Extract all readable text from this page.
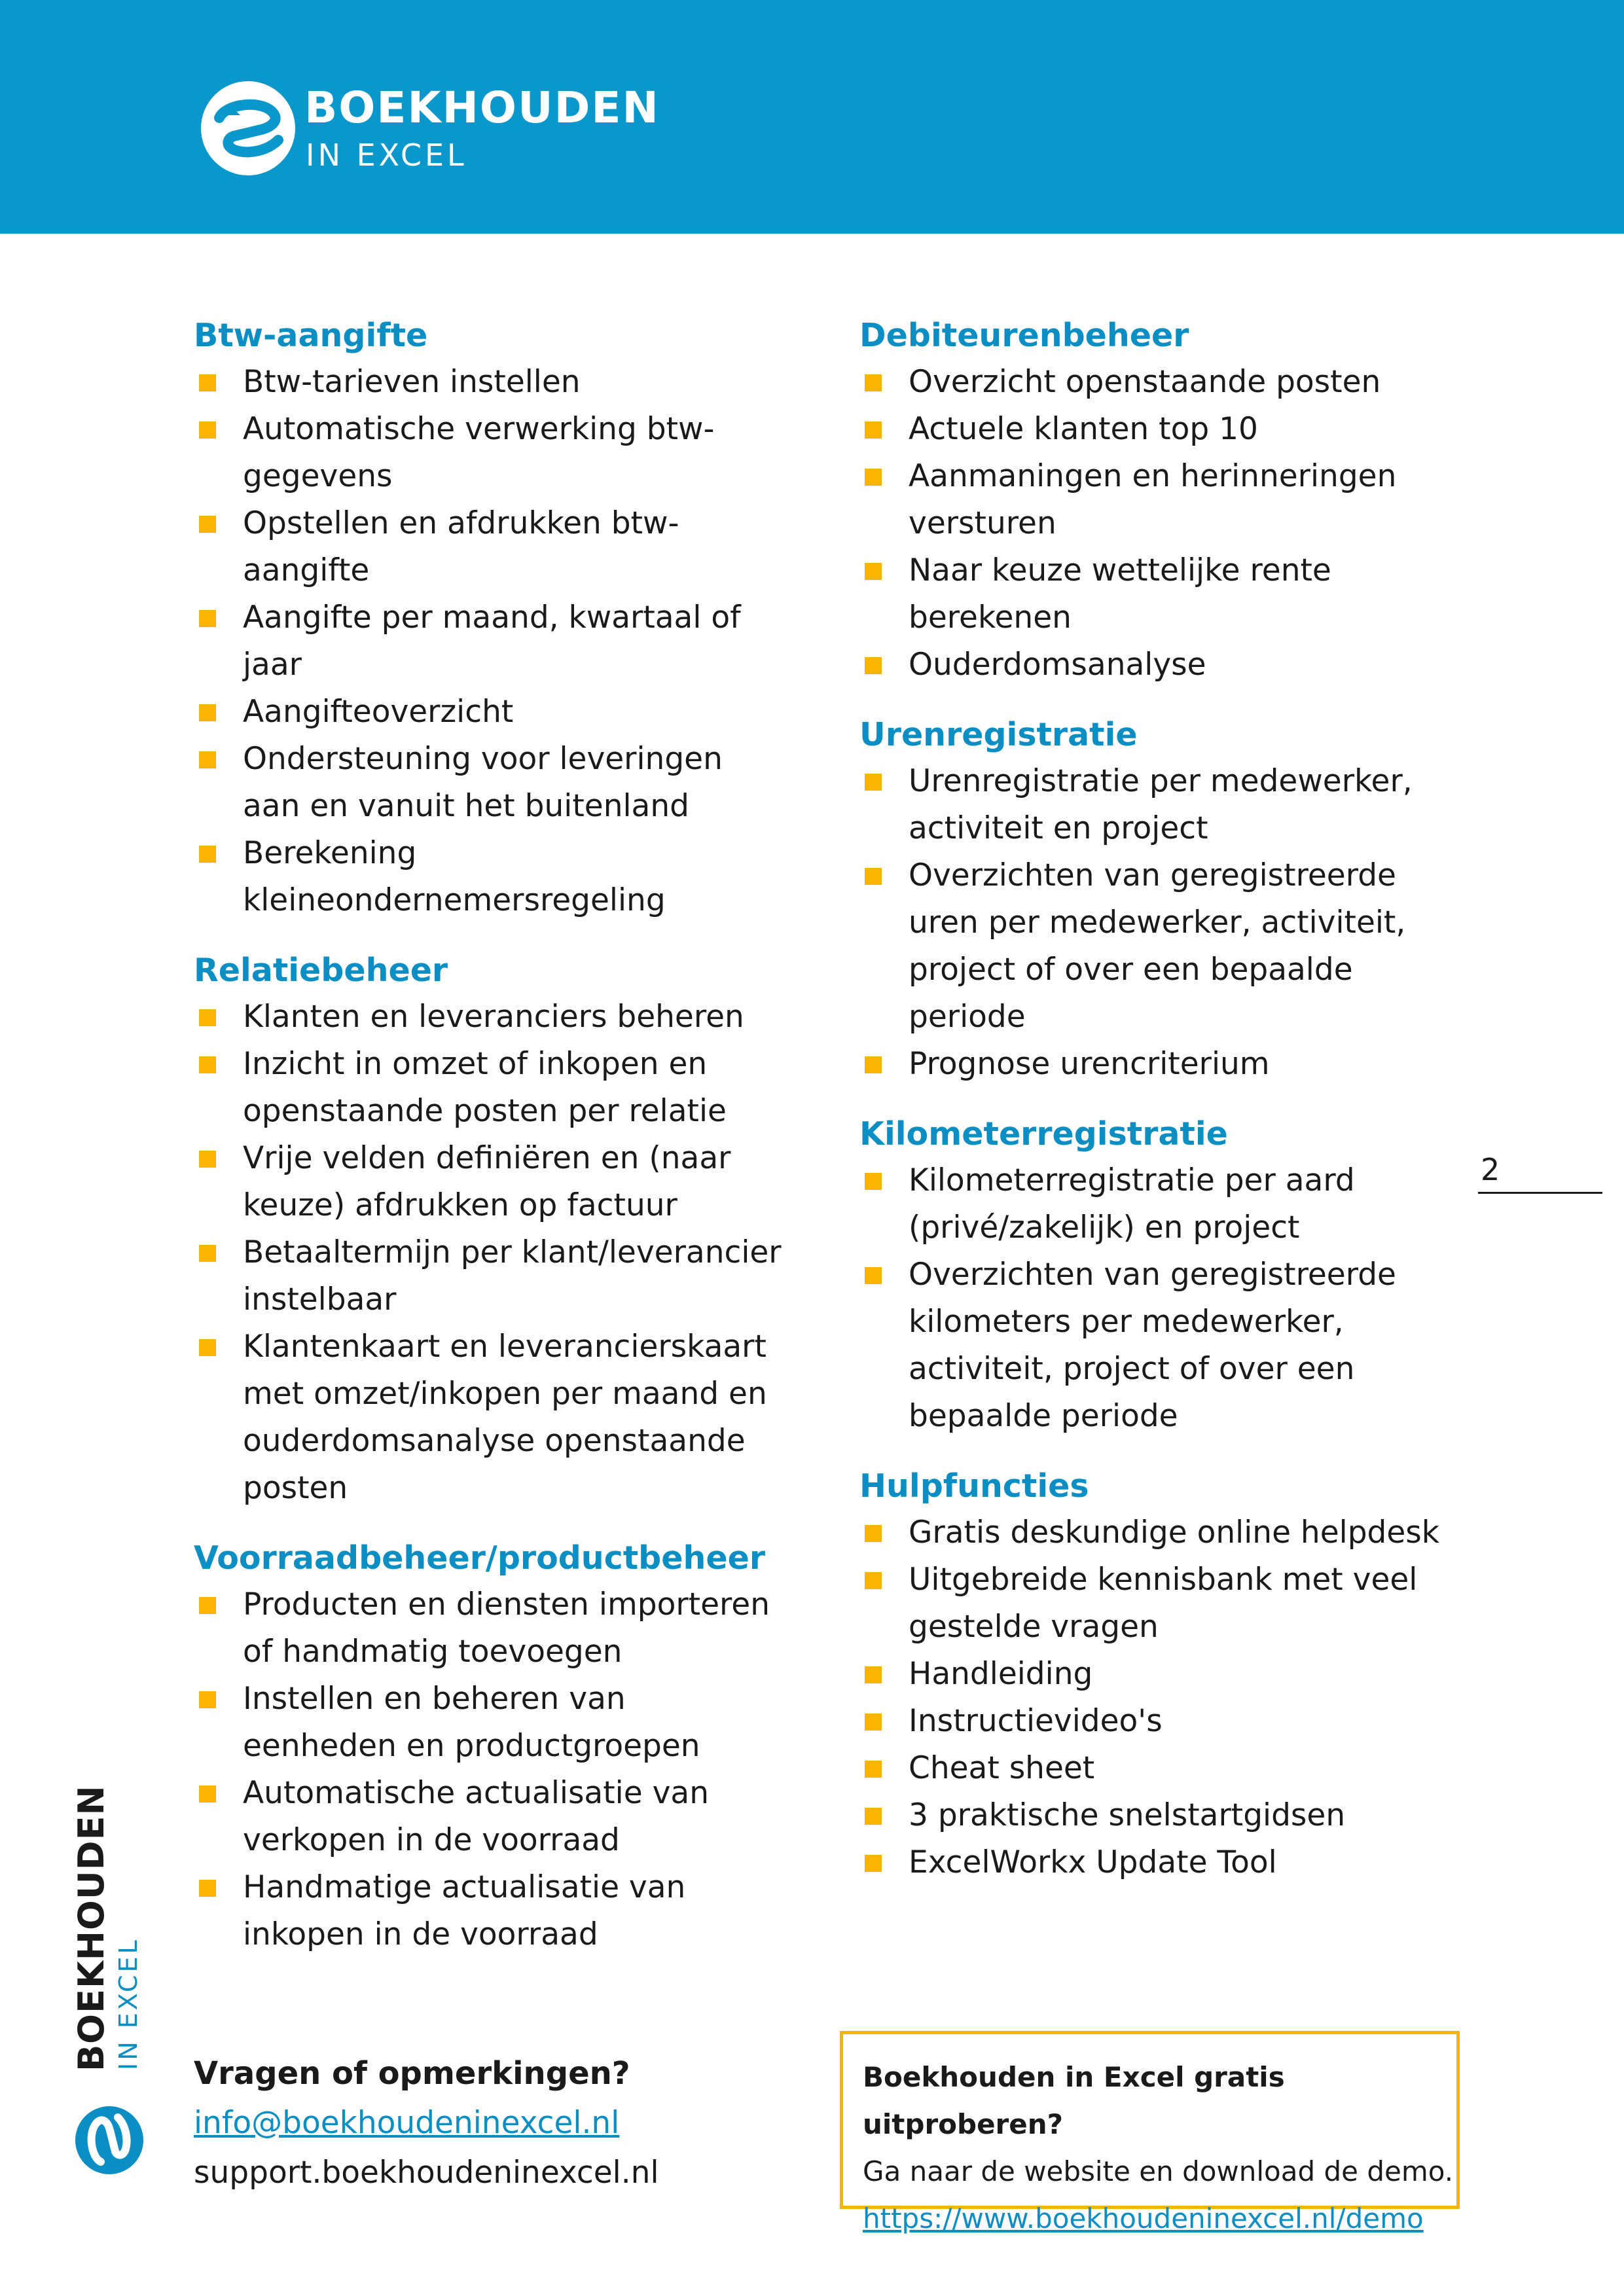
BOEKHOUDEN
IN EXCEL
Btw-aangifte
Btw-tarieven instellen
Automatische verwerking btw-gegevens
Opstellen en afdrukken btw-aangifte
Aangifte per maand, kwartaal of jaar
Aangifteoverzicht
Ondersteuning voor leveringen aan en vanuit het buitenland
Berekening kleineondernemersregeling
Relatiebeheer
Klanten en leveranciers beheren
Inzicht in omzet of inkopen en openstaande posten per relatie
Vrije velden definiëren en (naar keuze) afdrukken op factuur
Betaaltermijn per klant/leverancier instelbaar
Klantenkaart en leverancierskaart met omzet/inkopen per maand en ouderdomsanalyse openstaande posten
Voorraadbeheer/productbeheer
Producten en diensten importeren of handmatig toevoegen
Instellen en beheren van eenheden en productgroepen
Automatische actualisatie van verkopen in de voorraad
Handmatige actualisatie van inkopen in de voorraad
Debiteurenbeheer
Overzicht openstaande posten
Actuele klanten top 10
Aanmaningen en herinneringen versturen
Naar keuze wettelijke rente berekenen
Ouderdomsanalyse
Urenregistratie
Urenregistratie per medewerker, activiteit en project
Overzichten van geregistreerde uren per medewerker, activiteit, project of over een bepaalde periode
Prognose urencriterium
Kilometerregistratie
Kilometerregistratie per aard (privé/zakelijk) en project
Overzichten van geregistreerde kilometers per medewerker, activiteit, project of over een bepaalde periode
Hulpfuncties
Gratis deskundige online helpdesk
Uitgebreide kennisbank met veel gestelde vragen
Handleiding
Instructievideo's
Cheat sheet
3 praktische snelstartgidsen
ExcelWorkx Update Tool
2
BOEKHOUDEN IN EXCEL
Vragen of opmerkingen?
info@boekhoudeninexcel.nl
support.boekhoudeninexcel.nl
Boekhouden in Excel gratis uitproberen?
Ga naar de website en download de demo.
https://www.boekhoudeninexcel.nl/demo
